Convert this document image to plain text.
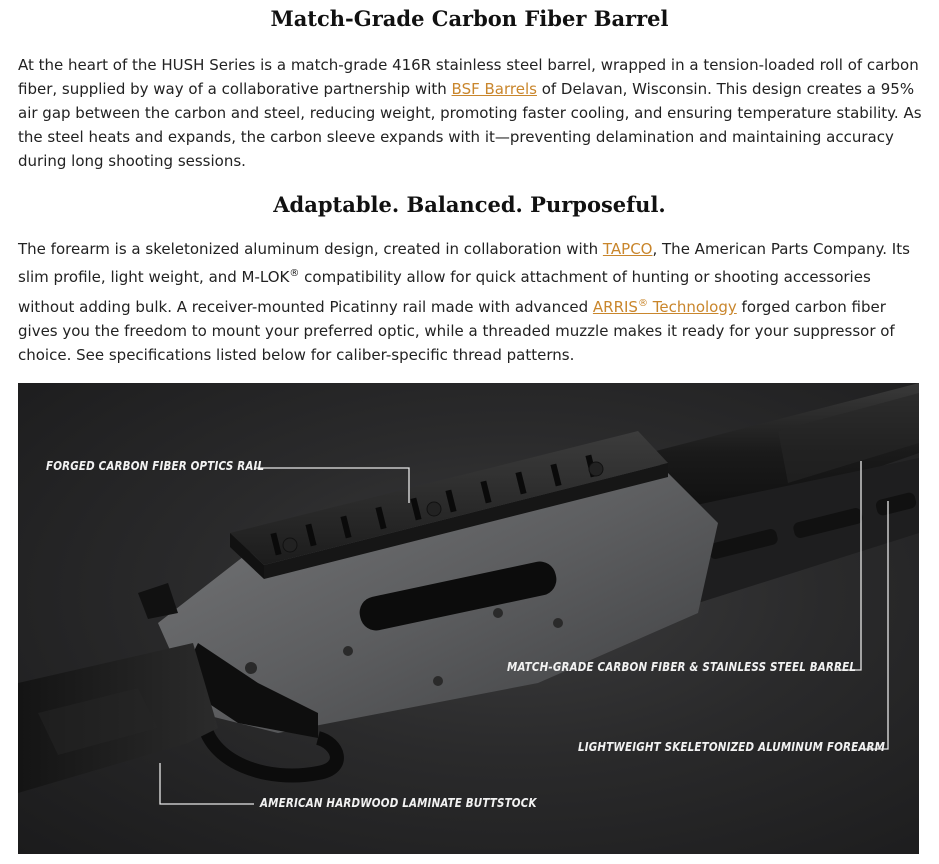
Match-Grade Carbon Fiber Barrel

At the heart of the HUSH Series is a match-grade 416R stainless steel barrel, wrapped in a tension-loaded roll of carbon
fiber, supplied by way of a collaborative partnership with BSF Barrels of Delavan, Wisconsin. This design creates a 95%
air gap between the carbon and steel, reducing weight, promoting faster cooling, and ensuring temperature stability. As
the steel heats and expands, the carbon sleeve expands with it—preventing delamination and maintaining accuracy
during long shooting sessions.

Adaptable. Balanced. Purposeful.

The forearm is a skeletonized aluminum design, created in collaboration with TAPCO, The American Parts Company. Its
slim profile, light weight, and M-LOK® compatibility allow for quick attachment of hunting or shooting accessories
without adding bulk. A receiver-mounted Picatinny rail made with advanced ARRIS® Technology forged carbon fiber
gives you the freedom to mount your preferred optic, while a threaded muzzle makes it ready for your suppressor of
choice. See specifications listed below for caliber-specific thread patterns.

FORGED CARBON FIBER OPTICS RAIL
MATCH-GRADE CARBON FIBER & STAINLESS STEEL BARREL
LIGHTWEIGHT SKELETONIZED ALUMINUM FOREARM
AMERICAN HARDWOOD LAMINATE BUTTSTOCK
